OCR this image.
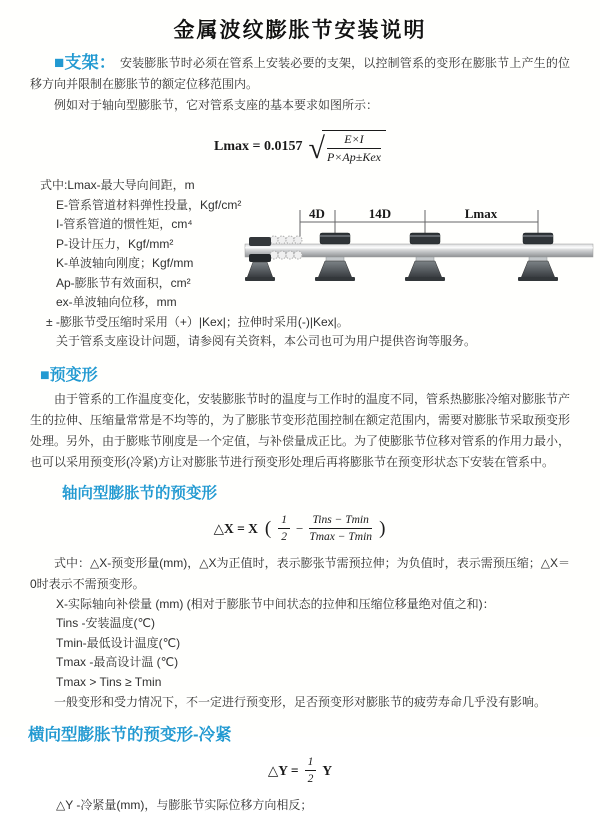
金属波纹膨胀节安装说明

■支架： 安装膨胀节时必须在管系上安装必要的支架，以控制管系的变形在膨胀节上产生的位移方向并限制在膨胀节的额定位移范围内。

例如对于轴向型膨胀节，它对管系支座的基本要求如图所示：

Lmax = 0.0157 √ $\frac{E\times I}{\text{P×Ap±Kex}}$
式中:Lmax-最大导向间距，m
E-管系管道材料弹性投量，Kgf/cm²
I-管系管道的惯性矩，cm⁴
P-设计压力，Kgf/mm²
K-单波轴向刚度；Kgf/mm
Ap-膨胀节有效面积，cm²
ex-单波轴向位移，mm
± -膨胀节受压缩时采用（+）|Kex|；拉伸时采用(-)|Kex|。
关于管系支座设计问题，请参阅有关资料，本公司也可为用户提供咨询等服务。
4D	14D	Lmax
■预变形

由于管系的工作温度变化，安装膨胀节时的温度与工作时的温度不同，管系热膨胀冷缩对膨胀节产生的拉伸、压缩量常常是不均等的，为了膨胀节变形范围控制在额定范围内，需要对膨胀节采取预变形处理。另外，由于膨账节刚度是一个定值，与补偿量成正比。为了使膨胀节位移对管系的作用力最小，也可以采用预变形(冷紧)方让对膨胀节进行预变形处理后再将膨胀节在预变形状态下安装在管系中。

轴向型膨胀节的预变形
△X = X ( $\frac{1}{2} - \frac{\text{Tins − Tmin}}{Tmax - Tmin}$ )

式中：△X-预变形量(mm)，△X为正值时，表示膨张节需预拉伸；为负值时，表示需预压缩；△X＝0时表示不需预变形。

X-实际轴向补偿量 (mm) (相对于膨胀节中间状态的拉伸和压缩位移量绝对值之和)：
Tins -安装温度(℃)
Tmin-最低设计温度(℃)
Tmax -最高设计温 (℃)
Tmax > Tins ≥ Tmin

一般变形和受力情况下，不一定进行预变形，足否预变形对膨胀节的疲劳寿命几乎没有影响。

横向型膨胀节的预变形-冷紧
△Y = $\frac{1}{2}$ Y

△Y -冷紧量(mm)，与膨胀节实际位移方向相反；
